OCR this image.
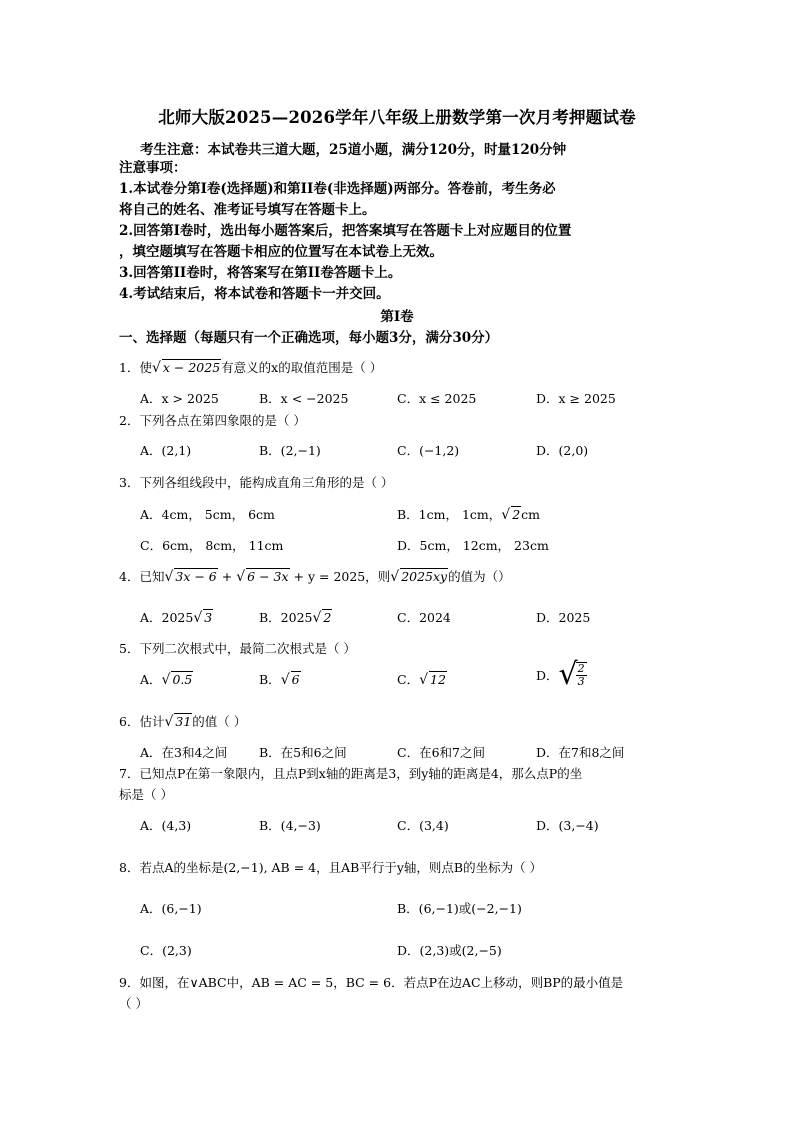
北师大版2025—2026学年八年级上册数学第一次月考押题试卷
考生注意：本试卷共三道大题，25道小题，满分120分，时量120分钟
注意事项：
1.本试卷分第Ⅰ卷(选择题)和第II卷(非选择题)两部分。答卷前，考生务必
将自己的姓名、准考证号填写在答题卡上。
2.回答第Ⅰ卷时，选出每小题答案后，把答案填写在答题卡上对应题目的位置
，填空题填写在答题卡相应的位置写在本试卷上无效。
3.回答第II卷时，将答案写在第II卷答题卡上。
4.考试结束后，将本试卷和答题卡一并交回。
第Ⅰ卷
一、选择题（每题只有一个正确选项，每小题3分，满分30分）
1．使√ x − 2025有意义的x的取值范围是（ ）
A．x > 2025	B．x < −2025	C．x ≤ 2025	D．x ≥ 2025
2．下列各点在第四象限的是（ ）
A．(2,1)	B．(2,−1)	C．(−1,2)	D．(2,0)
3．下列各组线段中，能构成直角三角形的是（ ）
A．4cm， 5cm， 6cm	B．1cm， 1cm，√ 2cm
C．6cm， 8cm， 11cm	D．5cm， 12cm， 23cm
4．已知√ 3x − 6 + √ 6 − 3x + y = 2025，则√ 2025xy的值为（）
A．2025√ 3	B．2025√ 2	C．2024	D．2025
5．下列二次根式中，最简二次根式是（ ）
A．√ 0.5	B．√ 6	C．√ 12	D．√
$\frac{2}{3}$
6．估计√ 31的值（ ）
A．在3和4之间	B．在5和6之间	C．在6和7之间	D．在7和8之间
7．已知点P在第一象限内，且点P到x轴的距离是3，到y轴的距离是4，那么点P的坐
标是（ ）
A．(4,3)	B．(4,−3)	C．(3,4)	D．(3,−4)
8．若点A的坐标是(2,−1), AB = 4，且AB平行于y轴，则点B的坐标为（ ）
A．(6,−1)	B．(6,−1)或(−2,−1)
C．(2,3)	D．(2,3)或(2,−5)
9．如图，在∨ABC中，AB = AC = 5，BC = 6．若点P在边AC上移动，则BP的最小值是
（ ）
